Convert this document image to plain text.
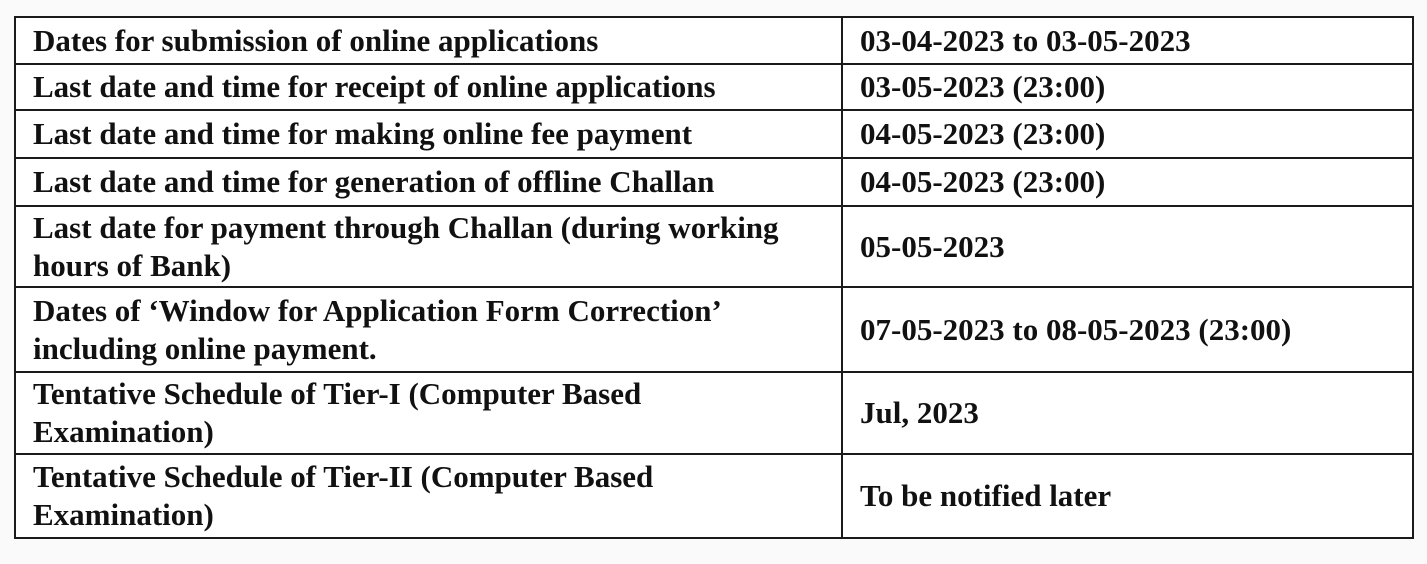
Dates for submission of online applications	03-04-2023 to 03-05-2023
Last date and time for receipt of online applications	03-05-2023 (23:00)
Last date and time for making online fee payment	04-05-2023 (23:00)
Last date and time for generation of offline Challan	04-05-2023 (23:00)
Last date for payment through Challan (during working hours of Bank)	05-05-2023
Dates of ‘Window for Application Form Correction’ including online payment.	07-05-2023 to 08-05-2023 (23:00)
Tentative Schedule of Tier-I (Computer Based Examination)	Jul, 2023
Tentative Schedule of Tier-II (Computer Based Examination)	To be notified later
